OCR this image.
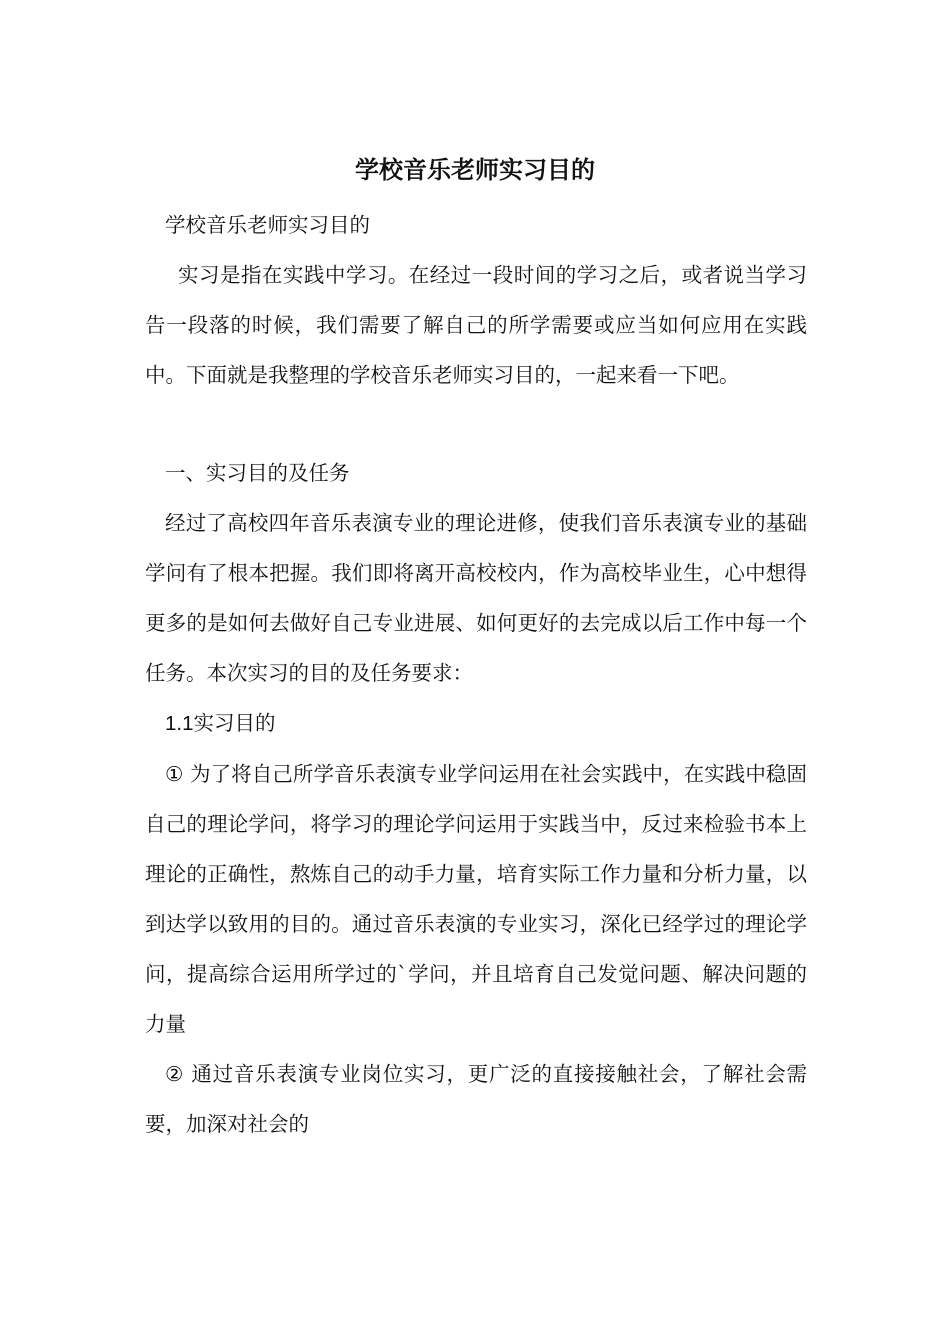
学校音乐老师实习目的

学校音乐老师实习目的

实习是指在实践中学习。在经过一段时间的学习之后，或者说当学习告一段落的时候，我们需要了解自己的所学需要或应当如何应用在实践中。下面就是我整理的学校音乐老师实习目的，一起来看一下吧。

一、实习目的及任务

经过了高校四年音乐表演专业的理论进修，使我们音乐表演专业的基础学问有了根本把握。我们即将离开高校校内，作为高校毕业生，心中想得更多的是如何去做好自己专业进展、如何更好的去完成以后工作中每一个任务。本次实习的目的及任务要求：

1.1实习目的

① 为了将自己所学音乐表演专业学问运用在社会实践中，在实践中稳固自己的理论学问，将学习的理论学问运用于实践当中，反过来检验书本上理论的正确性，熬炼自己的动手力量，培育实际工作力量和分析力量，以到达学以致用的目的。通过音乐表演的专业实习，深化已经学过的理论学问，提高综合运用所学过的`学问，并且培育自己发觉问题、解决问题的力量

② 通过音乐表演专业岗位实习，更广泛的直接接触社会，了解社会需要，加深对社会的
